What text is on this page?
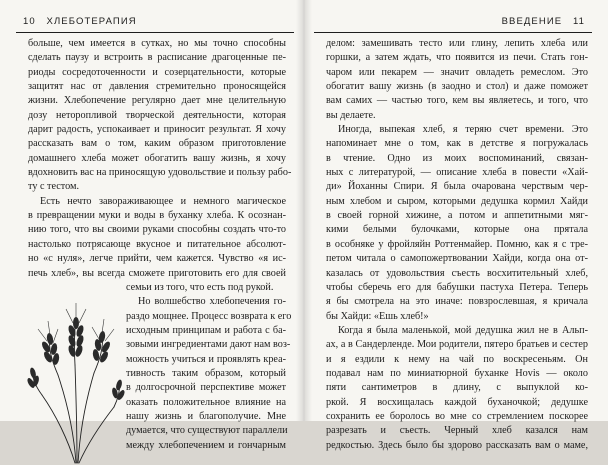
10 ХЛЕБОТЕРАПИЯ
больше, чем имеется в сутках, но мы точно способны
сделать паузу и встроить в расписание драгоценные пе-
риоды сосредоточенности и созерцательности, которые
защитят нас от давления стремительно проносящейся
жизни. Хлебопечение регулярно дает мне целительную
дозу неторопливой творческой деятельности, которая
дарит радость, успокаивает и приносит результат. Я хочу
рассказать вам о том, каким образом приготовление
домашнего хлеба может обогатить вашу жизнь, я хочу
вдохновить вас на приносящую удовольствие и пользу рабо-
ту с тестом.
Есть нечто завораживающее и немного магическое
в превращении муки и воды в буханку хлеба. К осознан-
нию того, что вы своими руками способны создать что-то
настолько потрясающе вкусное и питательное абсолют-
но «с нуля», легче прийти, чем кажется. Чувство «я ис-
печь хлеб», вы всегда сможете приготовить его для своей
семьи из того, что есть под рукой.
Но волшебство хлебопечения го-
раздо мощнее. Процесс возврата к его
исходным принципам и работа с ба-
зовыми ингредиентами дают нам воз-
можность учиться и проявлять креа-
тивность таким образом, который
в долгосрочной перспективе может
оказать положительное влияние на
нашу жизнь и благополучие. Мне
думается, что существуют параллели
между хлебопечением и гончарным
ВВЕДЕНИЕ 11
делом: замешивать тесто или глину, лепить хлеба или
горшки, а затем ждать, что появится из печи. Стать гон-
чаром или пекарем — значит овладеть ремеслом. Это
обогатит вашу жизнь (в заодно и стол) и даже поможет
вам самих — частью того, кем вы являетесь, и того, что
вы делаете.
Иногда, выпекая хлеб, я теряю счет времени. Это
напоминает мне о том, как в детстве я погружалась
в чтение. Одно из моих воспоминаний, связан-
ных с литературой, — описание хлеба в повести «Хай-
ди» Йоханны Спири. Я была очарована черствым чер-
ным хлебом и сыром, которыми дедушка кормил Хайди
в своей горной хижине, а потом и аппетитными мяг-
кими белыми булочками, которые она прятала
в особняке у фройляйн Роттенмайер. Помню, как я с тре-
петом читала о самопожертвовании Хайди, когда она от-
казалась от удовольствия съесть восхитительный хлеб,
чтобы сберечь его для бабушки пастуха Петера. Теперь
я бы смотрела на это иначе: повзрослевшая, я кричала
бы Хайди: «Ешь хлеб!»
Когда я была маленькой, мой дедушка жил не в Альп-
ах, а в Сандерленде. Мои родители, пятеро братьев и сестер
и я ездили к нему на чай по воскресеньям. Он
подавал нам по миниатюрной буханке Hovis — около
пяти сантиметров в длину, с выпуклой ко-
ркой. Я восхищалась каждой буханочкой; дедушке
сохранить ее боролось во мне со стремлением поскорее
разрезать и съесть. Черный хлеб казался нам
редкостью. Здесь было бы здорово рассказать вам о маме,
